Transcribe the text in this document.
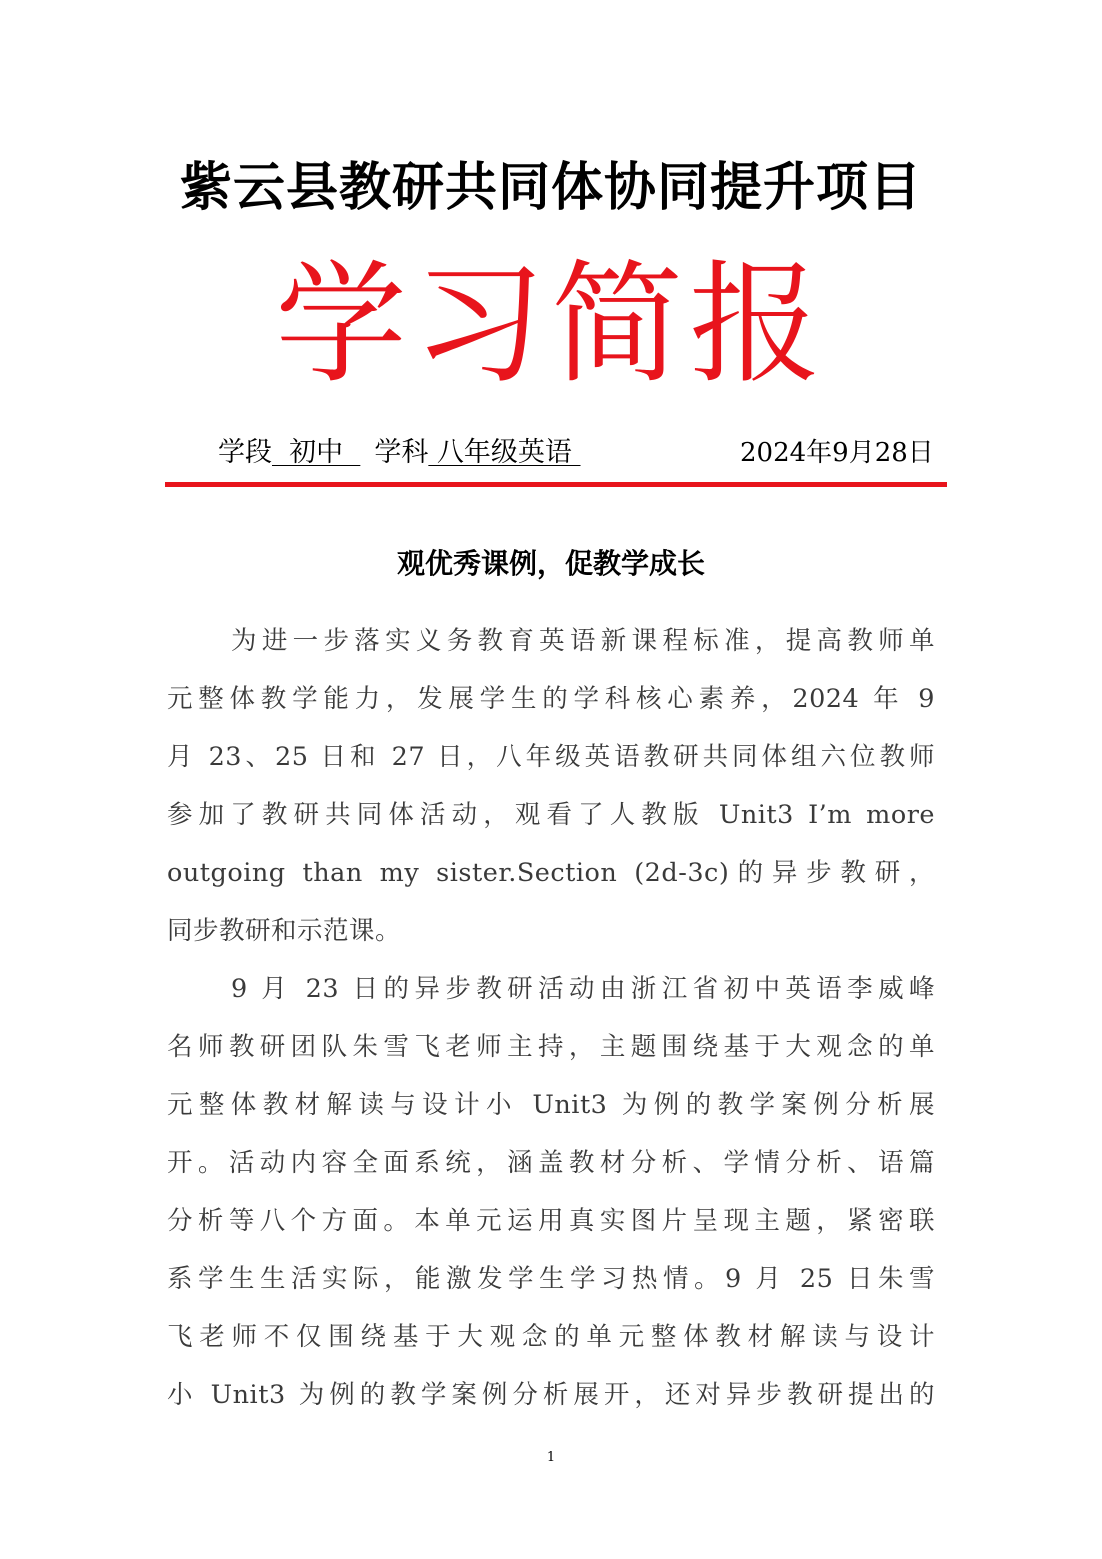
紫云县教研共同体协同提升项目
学习简报
学段  初中  学科 八年级英语	2024年9月28日
观优秀课例，促教学成长
为进一步落实义务教育英语新课程标准，提高教师单
元整体教学能力，发展学生的学科核心素养，2024 年 9
月 23、25 日和 27 日，八年级英语教研共同体组六位教师
参加了教研共同体活动，观看了人教版 Unit3 I’m more
outgoing than my sister.Section (2d-3c)的异步教研，
同步教研和示范课。
9 月 23 日的异步教研活动由浙江省初中英语李威峰
名师教研团队朱雪飞老师主持，主题围绕基于大观念的单
元整体教材解读与设计小 Unit3 为例的教学案例分析展
开。活动内容全面系统，涵盖教材分析、学情分析、语篇
分析等八个方面。本单元运用真实图片呈现主题，紧密联
系学生生活实际，能激发学生学习热情。9 月 25 日朱雪
飞老师不仅围绕基于大观念的单元整体教材解读与设计
小 Unit3 为例的教学案例分析展开，还对异步教研提出的
1
